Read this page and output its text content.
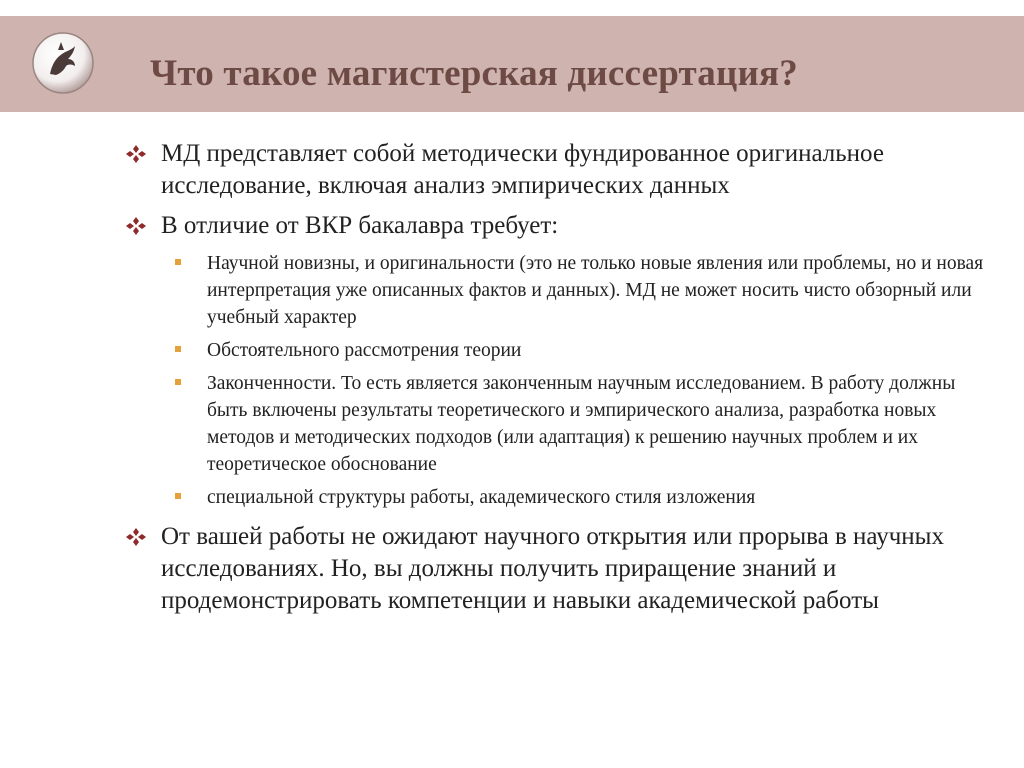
Что такое магистерская диссертация?
МД представляет собой методически фундированное оригинальное исследование, включая анализ эмпирических данных
В отличие от ВКР бакалавра требует:
Научной новизны, и оригинальности (это не только новые явления или проблемы, но и новая интерпретация уже описанных фактов и данных). МД не может носить чисто обзорный или учебный характер
Обстоятельного рассмотрения теории
Законченности. То есть является законченным научным исследованием. В работу должны быть включены результаты теоретического и эмпирического анализа, разработка новых методов и методических подходов (или адаптация) к решению научных проблем и их теоретическое обоснование
специальной структуры работы, академического стиля изложения
От вашей работы не ожидают научного открытия или прорыва в научных исследованиях. Но, вы должны получить приращение знаний и продемонстрировать компетенции и навыки академической работы
